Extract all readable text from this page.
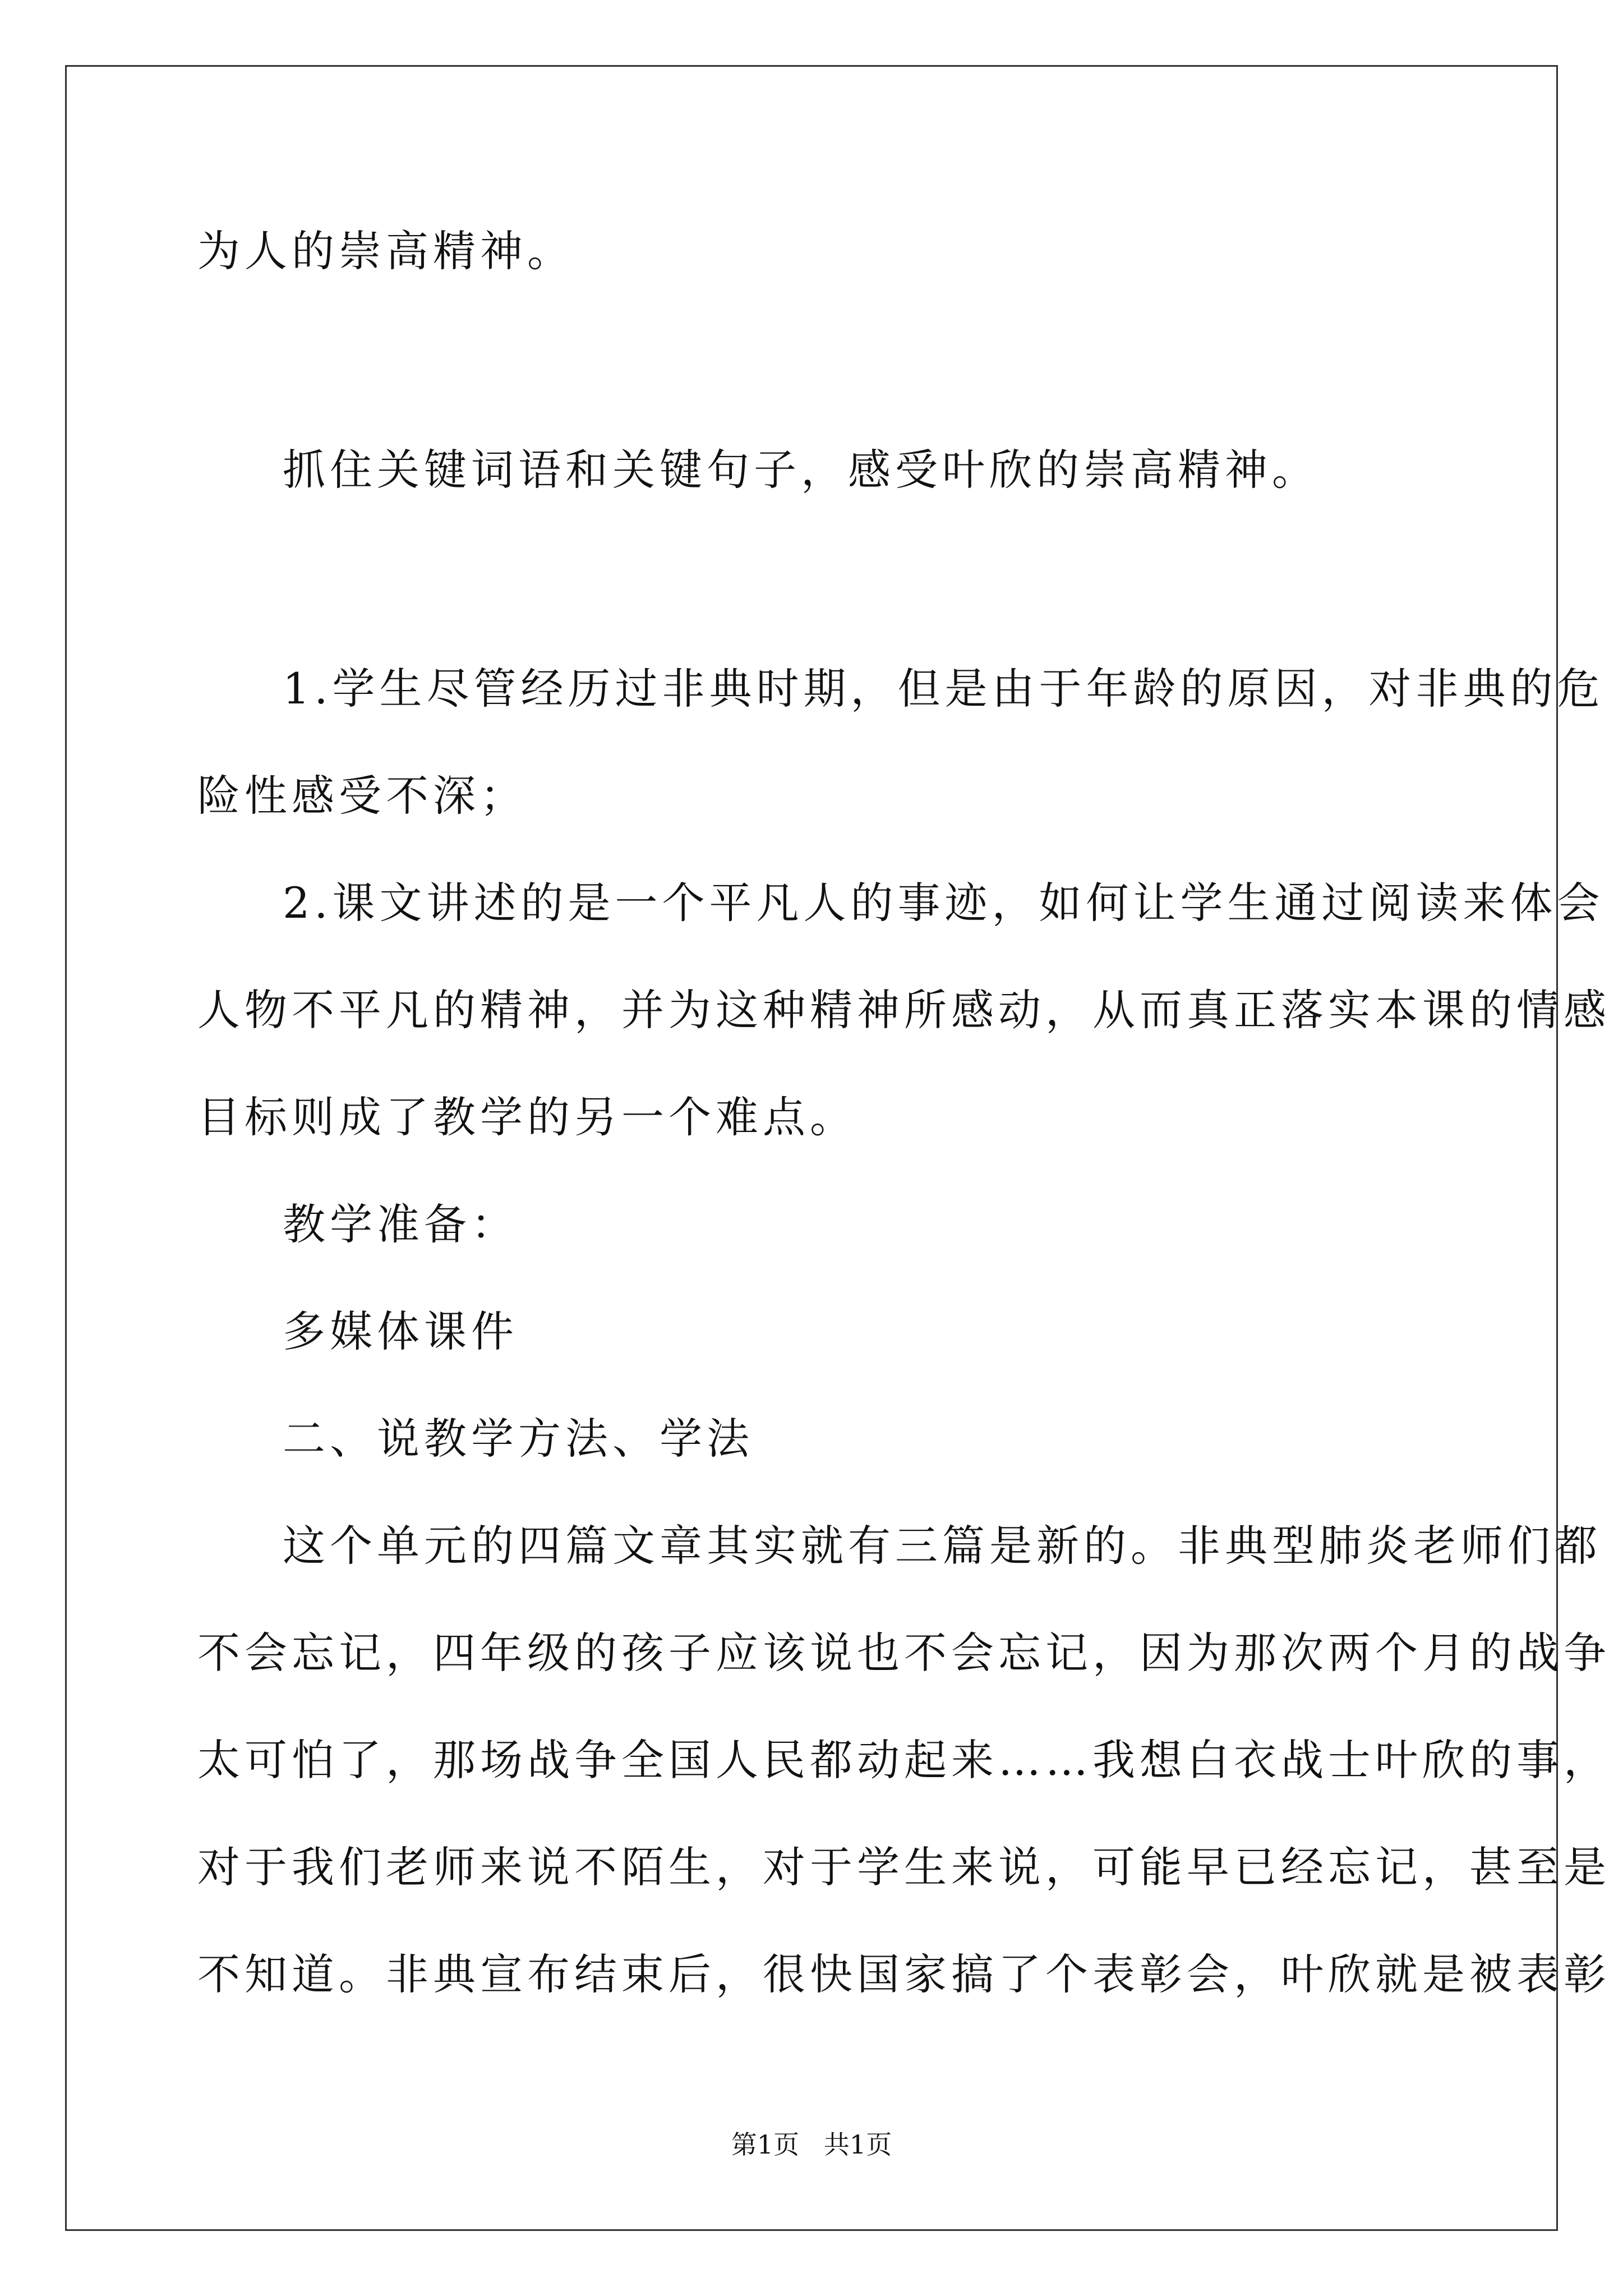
为人的崇高精神。
抓住关键词语和关键句子，感受叶欣的崇高精神。
1.学生尽管经历过非典时期，但是由于年龄的原因，对非典的危
险性感受不深；
2.课文讲述的是一个平凡人的事迹，如何让学生通过阅读来体会
人物不平凡的精神，并为这种精神所感动，从而真正落实本课的情感
目标则成了教学的另一个难点。
教学准备：
多媒体课件
二、说教学方法、学法
这个单元的四篇文章其实就有三篇是新的。非典型肺炎老师们都
不会忘记，四年级的孩子应该说也不会忘记，因为那次两个月的战争
太可怕了，那场战争全国人民都动起来……我想白衣战士叶欣的事，
对于我们老师来说不陌生，对于学生来说，可能早已经忘记，甚至是
不知道。非典宣布结束后，很快国家搞了个表彰会，叶欣就是被表彰
第1页   共1页
